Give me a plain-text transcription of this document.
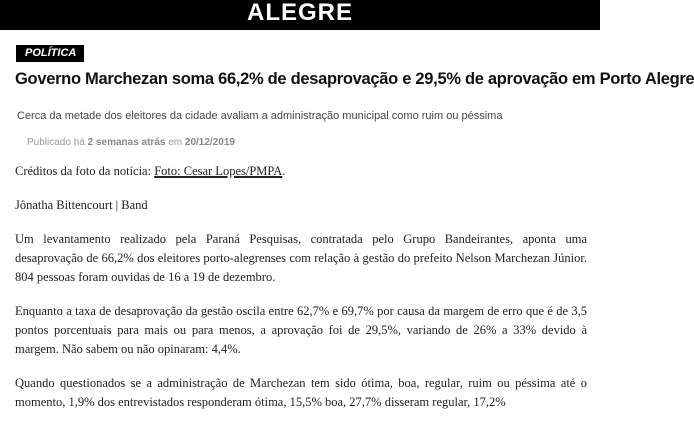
ALEGRE
POLÍTICA
Governo Marchezan soma 66,2% de desaprovação e 29,5% de aprovação em Porto Alegre

Cerca da metade dos eleitores da cidade avaliam a administração municipal como ruim ou péssima

Publicado há 2 semanas atrás em 20/12/2019

Créditos da foto da notícia: Foto: Cesar Lopes/PMPA.

Jônatha Bittencourt | Band

Um levantamento realizado pela Paraná Pesquisas, contratada pelo Grupo Bandeirantes, aponta uma desaprovação de 66,2% dos eleitores porto-alegrenses com relação à gestão do prefeito Nelson Marchezan Júnior. 804 pessoas foram ouvidas de 16 a 19 de dezembro.

Enquanto a taxa de desaprovação da gestão oscila entre 62,7% e 69,7% por causa da margem de erro que é de 3,5 pontos porcentuais para mais ou para menos, a aprovação foi de 29,5%, variando de 26% a 33% devido à margem. Não sabem ou não opinaram: 4,4%.

Quando questionados se a administração de Marchezan tem sido ótima, boa, regular, ruim ou péssima até o momento, 1,9% dos entrevistados responderam ótima, 15,5% boa, 27,7% disseram regular, 17,2%
